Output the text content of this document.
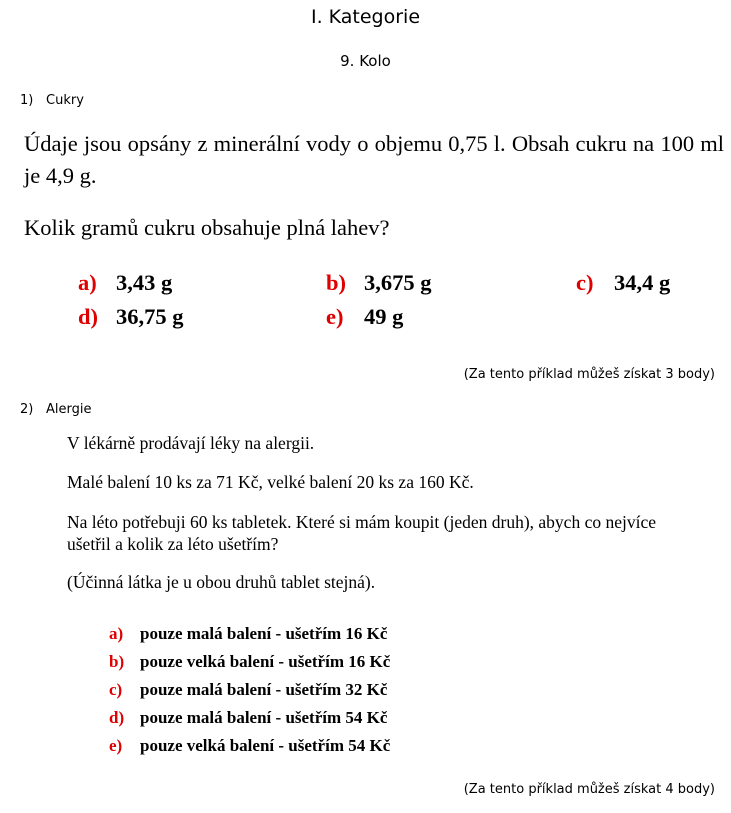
I. Kategorie
9. Kolo
1) Cukry
Údaje jsou opsány z minerální vody o objemu 0,75 l. Obsah cukru na 100 ml je 4,9 g.
Kolik gramů cukru obsahuje plná lahev?
a) 3,43 g	b) 3,675 g	c) 34,4 g
d) 36,75 g	e) 49 g
(Za tento příklad můžeš získat 3 body)
2) Alergie
V lékárně prodávají léky na alergii.
Malé balení 10 ks za 71 Kč, velké balení 20 ks za 160 Kč.
Na léto potřebuji 60 ks tabletek. Které si mám koupit (jeden druh), abych co nejvíce ušetřil a kolik za léto ušetřím?
(Účinná látka je u obou druhů tablet stejná).
a) pouze malá balení - ušetřím 16 Kč
b) pouze velká balení - ušetřím 16 Kč
c) pouze malá balení - ušetřím 32 Kč
d) pouze malá balení - ušetřím 54 Kč
e) pouze velká balení - ušetřím 54 Kč
(Za tento příklad můžeš získat 4 body)
